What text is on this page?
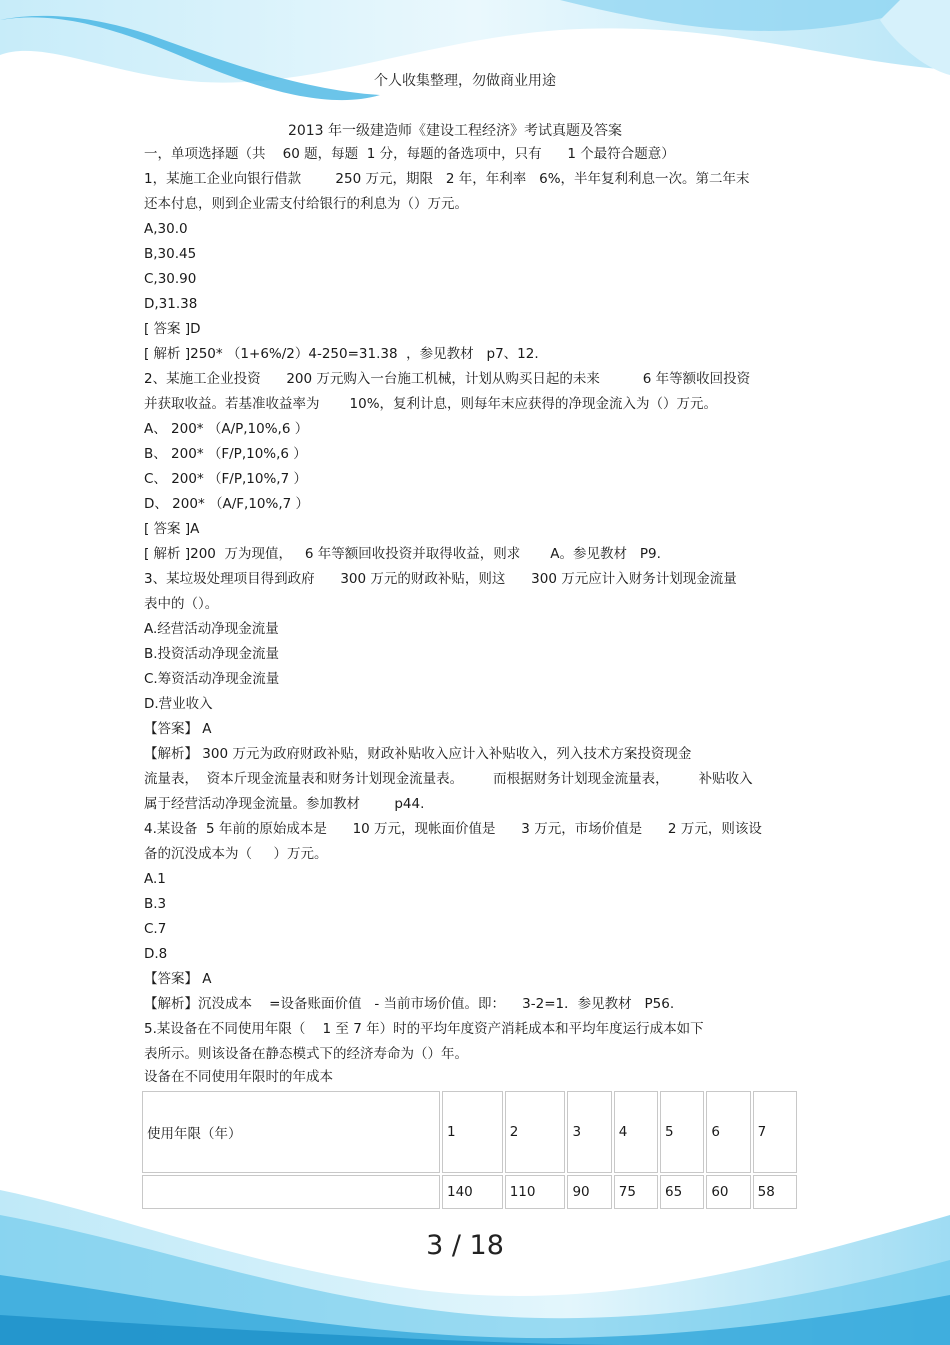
个人收集整理，勿做商业用途
2013 年一级建造师《建设工程经济》考试真题及答案

一，单项选择题（共    60 题，每题  1 分，每题的备选项中，只有      1 个最符合题意）

1，某施工企业向银行借款        250 万元，期限   2 年，年利率   6%，半年复利利息一次。第二年末

还本付息，则到企业需支付给银行的利息为（）万元。

A,30.0

B,30.45

C,30.90

D,31.38

[ 答案 ]D

[ 解析 ]250* （1+6%/2）4-250=31.38  ，参见教材   p7、12.

2、某施工企业投资      200 万元购入一台施工机械，计划从购买日起的未来          6 年等额收回投资

并获取收益。若基准收益率为       10%，复利计息，则每年末应获得的净现金流入为（）万元。

A、 200* （A/P,10%,6 ）

B、 200* （F/P,10%,6 ）

C、 200* （F/P,10%,7 ）

D、 200* （A/F,10%,7 ）

[ 答案 ]A

[ 解析 ]200  万为现值，   6 年等额回收投资并取得收益，则求       A。参见教材   P9.

3、某垃圾处理项目得到政府      300 万元的财政补贴，则这      300 万元应计入财务计划现金流量

表中的（）。

A.经营活动净现金流量

B.投资活动净现金流量

C.筹资活动净现金流量

D.营业收入

【答案】 A

【解析】 300 万元为政府财政补贴，财政补贴收入应计入补贴收入，列入技术方案投资现金

流量表，  资本斤现金流量表和财务计划现金流量表。       而根据财务计划现金流量表，       补贴收入

属于经营活动净现金流量。参加教材        p44.

4.某设备  5 年前的原始成本是      10 万元，现帐面价值是      3 万元，市场价值是      2 万元，则该设

备的沉没成本为（     ）万元。

A.1

B.3

C.7

D.8

【答案】 A

【解析】沉没成本    =设备账面价值   - 当前市场价值。即：    3-2=1．参见教材   P56.

5.某设备在不同使用年限（    1 至 7 年）时的平均年度资产消耗成本和平均年度运行成本如下

表所示。则该设备在静态模式下的经济寿命为（）年。

设备在不同使用年限时的年成本
使用年限（年）	1	2	3	4	5	6	7
	140	110	90	75	65	60	58
3 / 18
